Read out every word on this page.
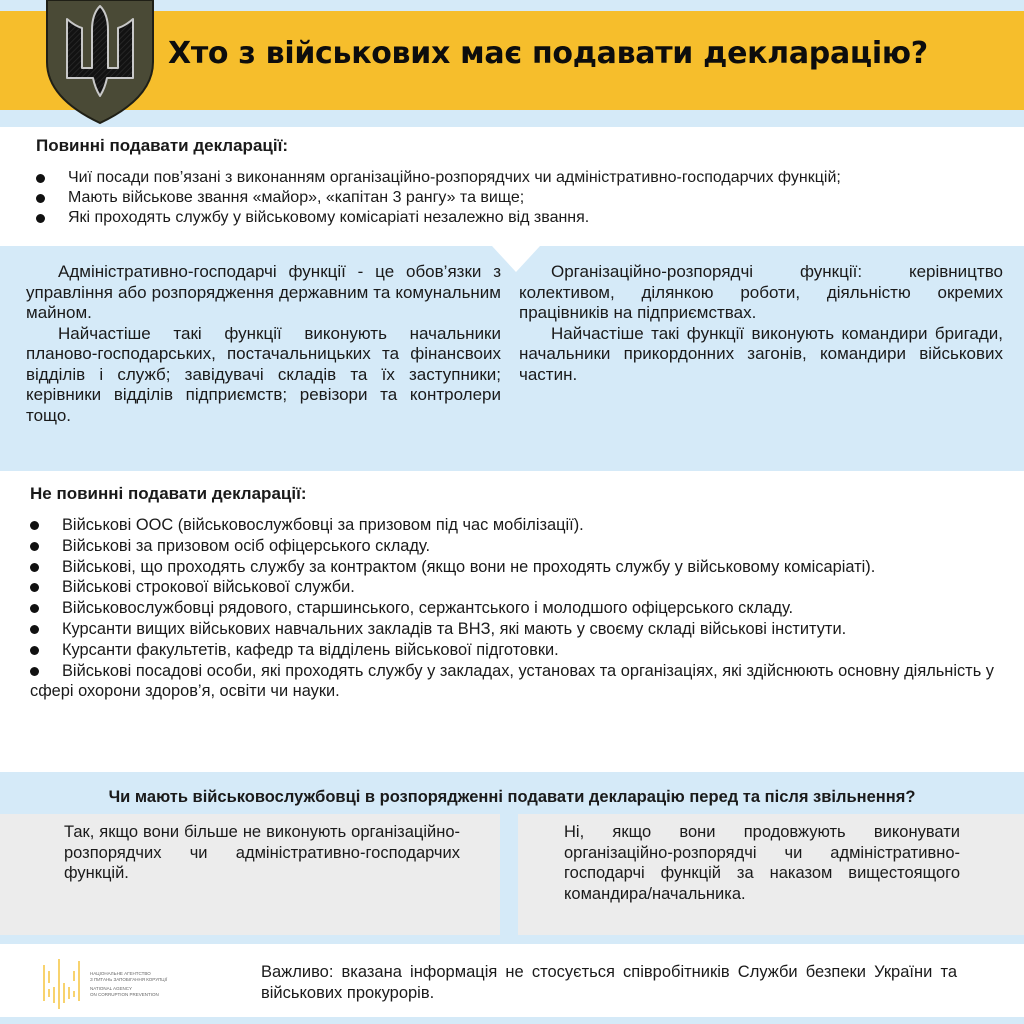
Хто з військових має подавати декларацію?
Повинні подавати декларації:
Чиї посади пов’язані з виконанням організаційно-розпорядчих чи адміністративно-господарчих функцій;
Мають військове звання «майор», «капітан 3 рангу» та вище;
Які проходять службу у військовому комісаріаті незалежно від звання.

Адміністративно-господарчі функції - це обов’язки з управління або розпорядження державним та комунальним майном.

Найчастіше такі функції виконують начальники планово-господарських, постачальницьких та фінансвоих відділів і служб; завідувачі складів та їх заступники; керівники відділів підприємств; ревізори та контролери тощо.

Організаційно-розпорядчі функції: керівництво колективом, ділянкою роботи, діяльністю окремих працівників на підприємствах.

Найчастіше такі функції виконують командири бригади, начальники прикордонних загонів, командири військових частин.

Не повинні подавати декларації:
Військові ООС (військовослужбовці за призовом під час мобілізації).
Військові за призовом осіб офіцерського складу.
Військові, що проходять службу за контрактом (якщо вони не проходять службу у військовому комісаріаті).
Військові строкової військової служби.
Військовослужбовці рядового, старшинського, сержантського і молодшого офіцерського складу.
Курсанти вищих військових навчальних закладів та ВНЗ, які мають у своєму складі військові інститути.
Курсанти факультетів, кафедр та відділень військової підготовки.
Військові посадові особи, які проходять службу у закладах, установах та організаціях, які здійснюють основну діяльність у сфері охорони здоров’я, освіти чи науки.
Чи мають військовослужбовці в розпорядженні подавати декларацію перед та після звільнення?
Так, якщо вони більше не виконують організаційно-розпорядчих чи адміністративно-господарчих функцій.
Ні, якщо вони продовжують виконувати організаційно-розпорядчі чи адміністративно-господарчі функцій за наказом вищестоящого командира/начальника.
НАЦІОНАЛЬНЕ АГЕНТСТВО
З ПИТАНЬ ЗАПОБІГАННЯ КОРУПЦІЇ
NATIONAL AGENCY
ON CORRUPTION PREVENTION
Важливо: вказана інформація не стосується співробітників Служби безпеки України та військових прокурорів.
